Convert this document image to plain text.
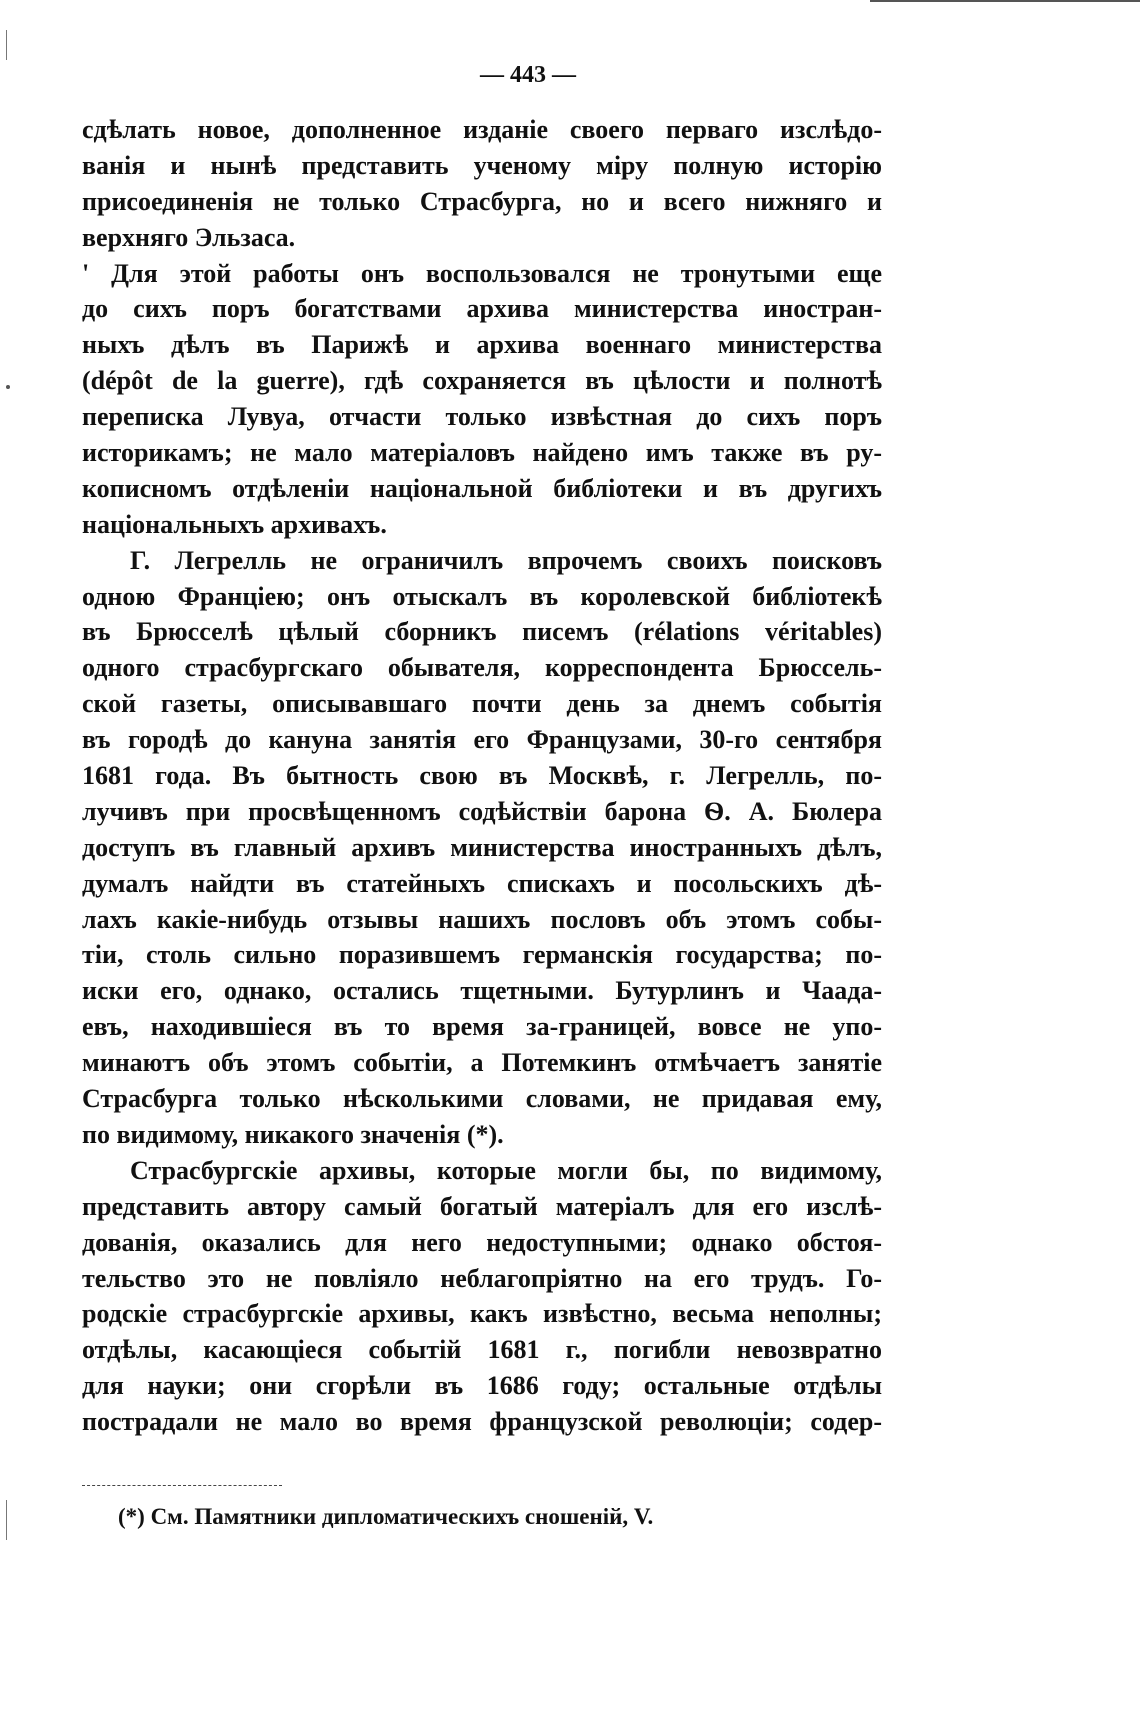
— 443 —
сдѣлать новое, дополненное изданіе своего перваго изслѣдо-
ванія и нынѣ представить ученому міру полную исторію
присоединенія не только Страсбурга, но и всего нижняго и
верхняго Эльзаса.
' Для этой работы онъ воспользовался не тронутыми еще
до сихъ поръ богатствами архива министерства иностран-
ныхъ дѣлъ въ Парижѣ и архива военнаго министерства
(dépôt de la guerre), гдѣ сохраняется въ цѣлости и полнотѣ
переписка Лувуа, отчасти только извѣстная до сихъ поръ
историкамъ; не мало матеріаловъ найдено имъ также въ ру-
кописномъ отдѣленіи національной библіотеки и въ другихъ
національныхъ архивахъ.
Г. Легрелль не ограничилъ впрочемъ своихъ поисковъ
одною Франціею; онъ отыскалъ въ королевской библіотекѣ
въ Брюсселѣ цѣлый сборникъ писемъ (rélations véritables)
одного страсбургскаго обывателя, корреспондента Брюссель-
ской газеты, описывавшаго почти день за днемъ событія
въ городѣ до кануна занятія его Французами, 30-го сентября
1681 года. Въ бытность свою въ Москвѣ, г. Легрелль, по-
лучивъ при просвѣщенномъ содѣйствіи барона Ѳ. А. Бюлера
доступъ въ главный архивъ министерства иностранныхъ дѣлъ,
думалъ найдти въ статейныхъ спискахъ и посольскихъ дѣ-
лахъ какіе-нибудь отзывы нашихъ пословъ объ этомъ собы-
тіи, столь сильно поразившемъ германскія государства; по-
иски его, однако, остались тщетными. Бутурлинъ и Чаада-
евъ, находившіеся въ то время за-границей, вовсе не упо-
минаютъ объ этомъ событіи, а Потемкинъ отмѣчаетъ занятіе
Страсбурга только нѣсколькими словами, не придавая ему,
по видимому, никакого значенія (*).
Страсбургскіе архивы, которые могли бы, по видимому,
представить автору самый богатый матеріалъ для его изслѣ-
дованія, оказались для него недоступными; однако обстоя-
тельство это не повліяло неблагопріятно на его трудъ. Го-
родскіе страсбургскіе архивы, какъ извѣстно, весьма неполны;
отдѣлы, касающіеся событій 1681 г., погибли невозвратно
для науки; они сгорѣли въ 1686 году; остальные отдѣлы
пострадали не мало во время французской революціи; содер-
(*) См. Памятники дипломатическихъ сношеній, V.
